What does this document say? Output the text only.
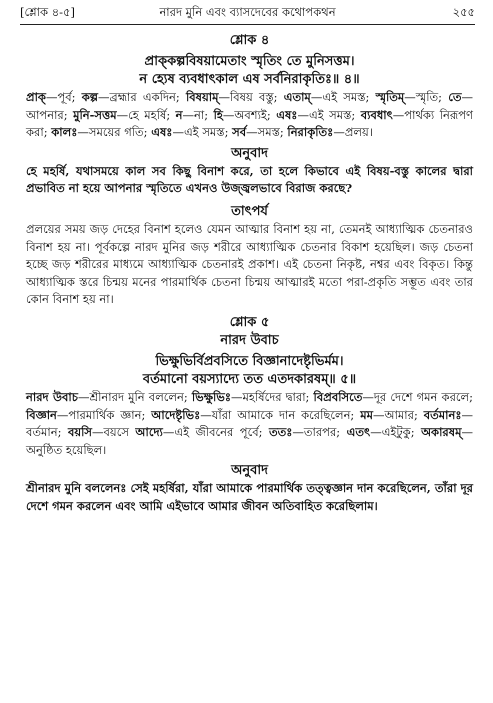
[শ্লোক ৪-৫]	নারদ মুনি এবং ব্যাসদেবের কথোপকথন	২৫৫
শ্লোক ৪
প্রাক্‌কল্পবিষয়ামেতাং স্মৃতিং তে মুনিসত্তম।
ন হ্যেষ ব্যবধাৎকাল এষ সর্বনিরাকৃতিঃ॥ ৪॥
প্রাক্‌—পূর্ব; কল্প—ব্রহ্মার একদিন; বিষয়াম্‌—বিষয় বস্তু; এতাম্‌—এই সমস্ত; স্মৃতিম্‌—স্মৃতি; তে—আপনার; মুনি-সত্তম—হে মহর্ষি; ন—না; হি—অবশ্যই; এষঃ—এই সমস্ত; ব্যবধাৎ—পার্থক্য নিরূপণ করা; কালঃ—সময়ের গতি; এষঃ—এই সমস্ত; সর্ব—সমস্ত; নিরাকৃতিঃ—প্রলয়।
অনুবাদ
হে মহর্ষি, যথাসময়ে কাল সব কিছু বিনাশ করে, তা হলে কিভাবে এই বিষয়-বস্তু কালের দ্বারা প্রভাবিত না হয়ে আপনার স্মৃতিতে এখনও উজ্জ্বলভাবে বিরাজ করছে?
তাৎপর্য
প্রলয়ের সময় জড় দেহের বিনাশ হলেও যেমন আত্মার বিনাশ হয় না, তেমনই আধ্যাত্মিক চেতনারও বিনাশ হয় না। পূর্বকল্পে নারদ মুনির জড় শরীরে আধ্যাত্মিক চেতনার বিকাশ হয়েছিল। জড় চেতনা হচ্ছে জড় শরীরের মাধ্যমে আধ্যাত্মিক চেতনারই প্রকাশ। এই চেতনা নিকৃষ্ট, নশ্বর এবং বিকৃত। কিন্তু আধ্যাত্মিক স্তরে চিন্ময় মনের পারমার্থিক চেতনা চিন্ময় আত্মারই মতো পরা-প্রকৃতি সম্ভূত এবং তার কোন বিনাশ হয় না।
শ্লোক ৫
নারদ উবাচ
ভিক্ষুভির্বিপ্রবসিতে বিজ্ঞানাদেষ্টৃভির্মম।
বর্তমানো বয়স্যাদ্যে তত এতদকারষম্‌॥ ৫॥
নারদ উবাচ—শ্রীনারদ মুনি বললেন; ভিক্ষুভিঃ—মহর্ষিদের দ্বারা; বিপ্রবসিতে—দূর দেশে গমন করলে; বিজ্ঞান—পারমার্থিক জ্ঞান; আদেষ্টৃভিঃ—যাঁরা আমাকে দান করেছিলেন; মম—আমার; বর্তমানঃ—বর্তমান; বয়সি—বয়সে আদ্যে—এই জীবনের পূর্বে; ততঃ—তারপর; এতৎ—এইটুকু; অকারষম্‌—অনুষ্ঠিত হয়েছিল।
অনুবাদ
শ্রীনারদ মুনি বললেনঃ সেই মহর্ষিরা, যাঁরা আমাকে পারমার্থিক তত্ত্বজ্ঞান দান করেছিলেন, তাঁরা দূর দেশে গমন করলেন এবং আমি এইভাবে আমার জীবন অতিবাহিত করেছিলাম।
